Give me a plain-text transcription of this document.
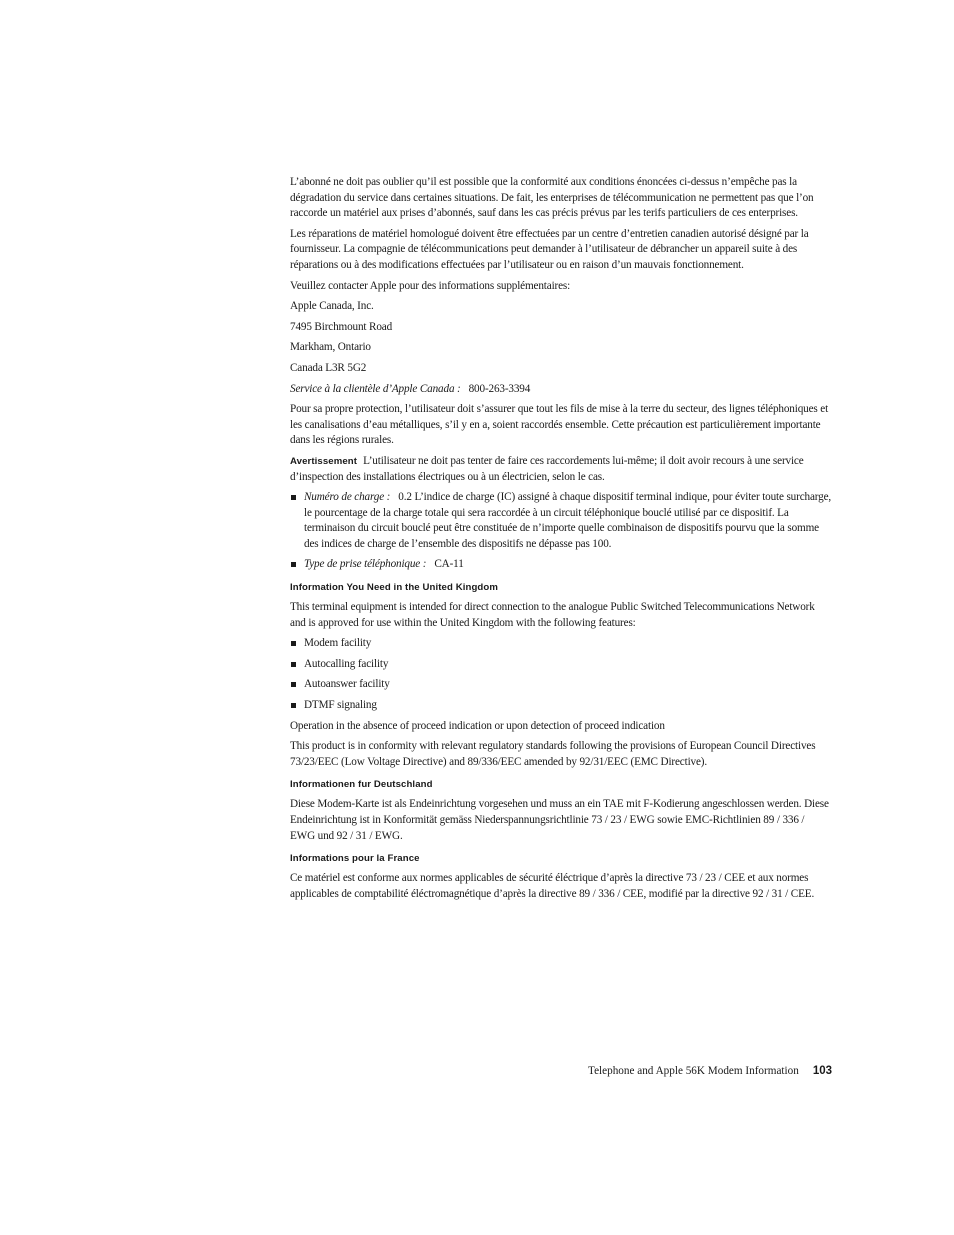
L’abonné ne doit pas oublier qu’il est possible que la conformité aux conditions énoncées ci-dessus n’empêche pas la dégradation du service dans certaines situations. De fait, les enterprises de télécommunication ne permettent pas que l’on raccorde un matériel aux prises d’abonnés, sauf dans les cas précis prévus par les terifs particuliers de ces enterprises.

Les réparations de matériel homologué doivent être effectuées par un centre d’entretien canadien autorisé désigné par la fournisseur. La compagnie de télécommunications peut demander à l’utilisateur de débrancher un appareil suite à des réparations ou à des modifications effectuées par l’utilisateur ou en raison d’un mauvais fonctionnement.

Veuillez contacter Apple pour des informations supplémentaires:

Apple Canada, Inc.

7495 Birchmount Road

Markham, Ontario

Canada L3R 5G2

Service à la clientèle d’Apple Canada : 800-263-3394

Pour sa propre protection, l’utilisateur doit s’assurer que tout les fils de mise à la terre du secteur, des lignes téléphoniques et les canalisations d’eau métalliques, s’il y en a, soient raccordés ensemble. Cette précaution est particulièrement importante dans les régions rurales.

Avertissement L’utilisateur ne doit pas tenter de faire ces raccordements lui-même; il doit avoir recours à une service d’inspection des installations électriques ou à un électricien, selon le cas.

Numéro de charge : 0.2 L’indice de charge (IC) assigné à chaque dispositif terminal indique, pour éviter toute surcharge, le pourcentage de la charge totale qui sera raccordée à un circuit téléphonique bouclé utilisé par ce dispositif. La terminaison du circuit bouclé peut être constituée de n’importe quelle combinaison de dispositifs pourvu que la somme des indices de charge de l’ensemble des dispositifs ne dépasse pas 100.
Type de prise téléphonique : CA-11
Information You Need in the United Kingdom

This terminal equipment is intended for direct connection to the analogue Public Switched Telecommunications Network and is approved for use within the United Kingdom with the following features:

Modem facility
Autocalling facility
Autoanswer facility
DTMF signaling

Operation in the absence of proceed indication or upon detection of proceed indication

This product is in conformity with relevant regulatory standards following the provisions of European Council Directives 73/23/EEC (Low Voltage Directive) and 89/336/EEC amended by 92/31/EEC (EMC Directive).

Informationen fur Deutschland

Diese Modem-Karte ist als Endeinrichtung vorgesehen und muss an ein TAE mit F-Kodierung angeschlossen werden. Diese Endeinrichtung ist in Konformität gemäss Niederspannungsrichtlinie 73 / 23 / EWG sowie EMC-Richtlinien 89 / 336 / EWG und 92 / 31 / EWG.

Informations pour la France

Ce matériel est conforme aux normes applicables de sécurité éléctrique d’après la directive 73 / 23 / CEE et aux normes applicables de comptabilité éléctromagnétique d’après la directive 89 / 336 / CEE, modifié par la directive 92 / 31 / CEE.

Telephone and Apple 56K Modem Information 103
